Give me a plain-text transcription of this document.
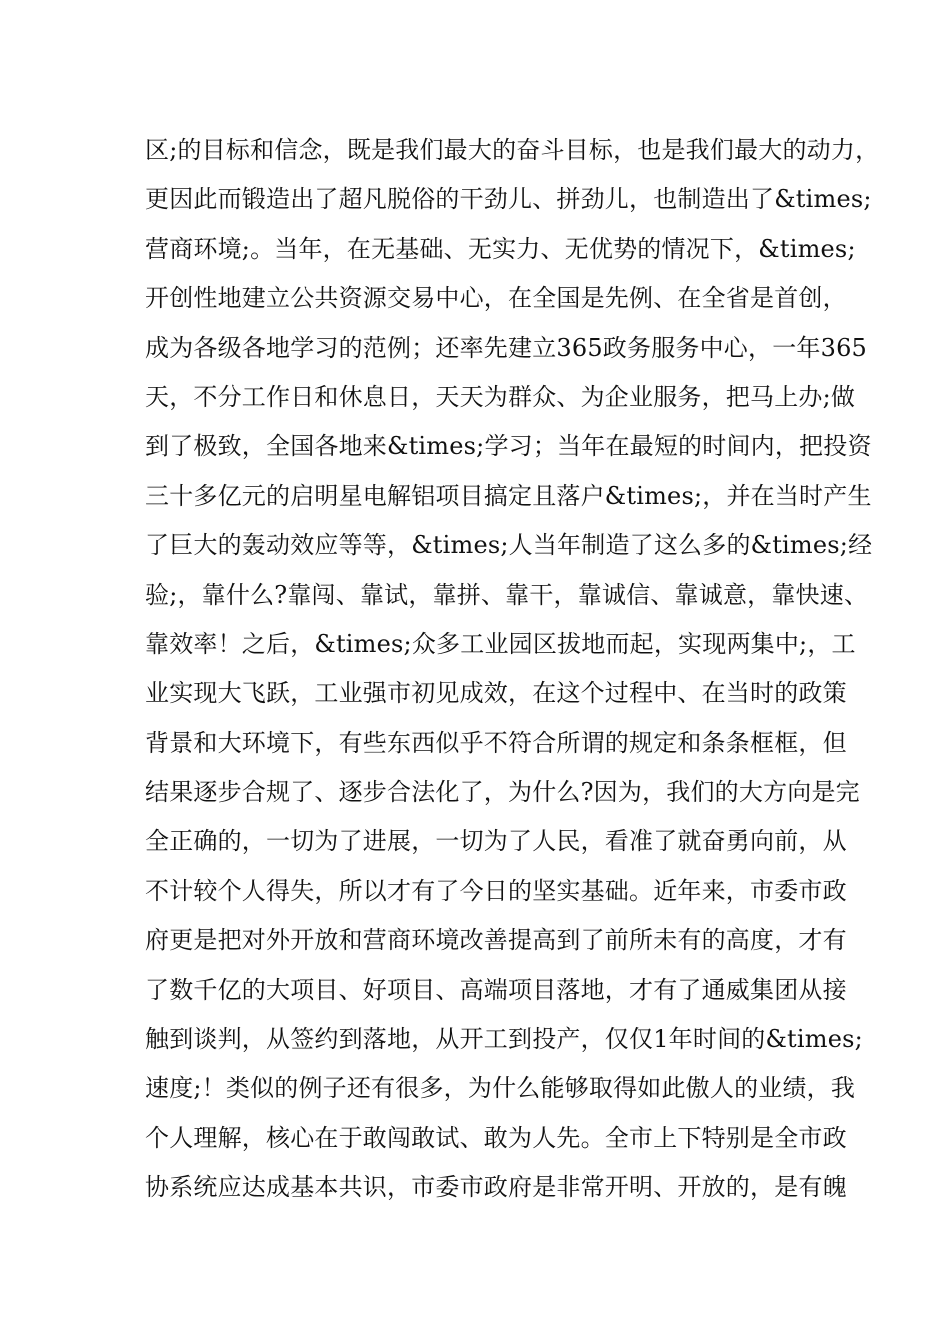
区;的目标和信念，既是我们最大的奋斗目标，也是我们最大的动力，
更因此而锻造出了超凡脱俗的干劲儿、拼劲儿，也制造出了&times;
营商环境;。当年，在无基础、无实力、无优势的情况下，&times;
开创性地建立公共资源交易中心，在全国是先例、在全省是首创，
成为各级各地学习的范例；还率先建立365政务服务中心，一年365
天，不分工作日和休息日，天天为群众、为企业服务，把马上办;做
到了极致，全国各地来&times;学习；当年在最短的时间内，把投资
三十多亿元的启明星电解铝项目搞定且落户&times;，并在当时产生
了巨大的轰动效应等等，&times;人当年制造了这么多的&times;经
验;，靠什么?靠闯、靠试，靠拼、靠干，靠诚信、靠诚意，靠快速、
靠效率！之后，&times;众多工业园区拔地而起，实现两集中;，工
业实现大飞跃，工业强市初见成效，在这个过程中、在当时的政策
背景和大环境下，有些东西似乎不符合所谓的规定和条条框框，但
结果逐步合规了、逐步合法化了，为什么?因为，我们的大方向是完
全正确的，一切为了进展，一切为了人民，看准了就奋勇向前，从
不计较个人得失，所以才有了今日的坚实基础。近年来，市委市政
府更是把对外开放和营商环境改善提高到了前所未有的高度，才有
了数千亿的大项目、好项目、高端项目落地，才有了通威集团从接
触到谈判，从签约到落地，从开工到投产，仅仅1年时间的&times;
速度;！类似的例子还有很多，为什么能够取得如此傲人的业绩，我
个人理解，核心在于敢闯敢试、敢为人先。全市上下特别是全市政
协系统应达成基本共识，市委市政府是非常开明、开放的，是有魄
